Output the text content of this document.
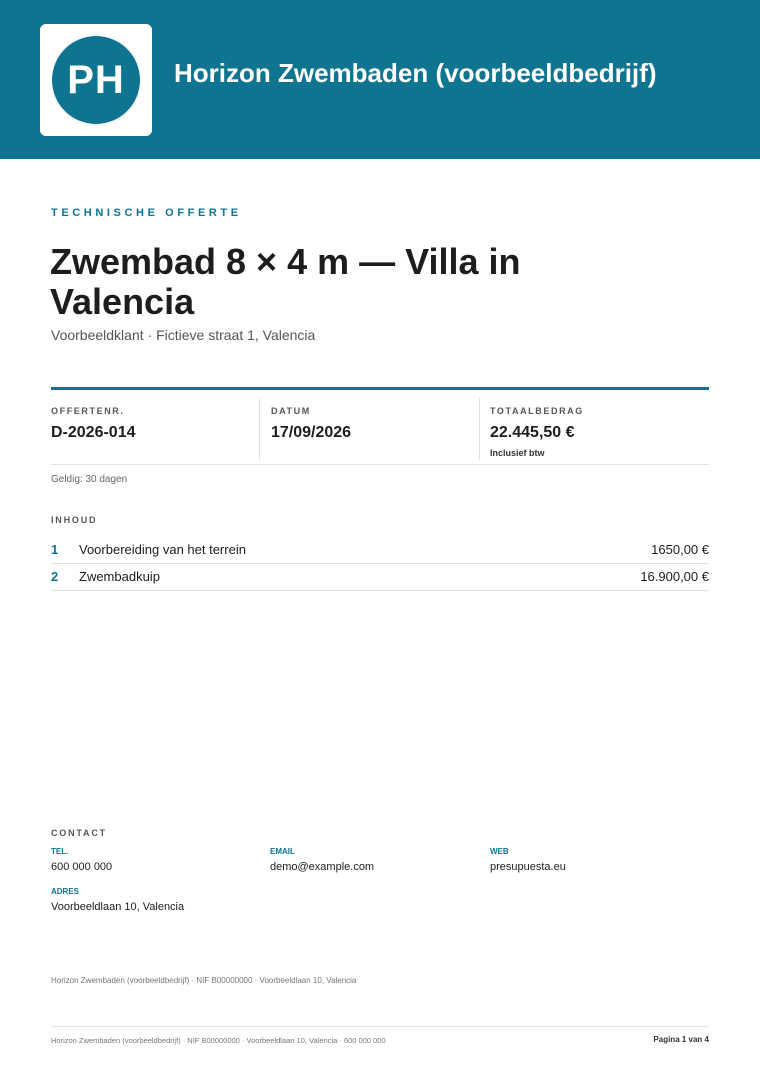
PH	Horizon Zwembaden (voorbeeldbedrijf)
TECHNISCHE OFFERTE
Zwembad 8 × 4 m — Villa in Valencia
Voorbeeldklant · Fictieve straat 1, Valencia
OFFERTENR.
D-2026-014
DATUM
17/09/2026
TOTAALBEDRAG
22.445,50 €
Inclusief btw
Geldig: 30 dagen
INHOUD
1 Voorbereiding van het terrein	1650,00 €
2 Zwembadkuip	16.900,00 €
CONTACT
TEL.
600 000 000
EMAIL
demo@example.com
WEB
presupuesta.eu
ADRES
Voorbeeldlaan 10, Valencia
Horizon Zwembaden (voorbeeldbedrijf) · NIF B00000000 · Voorbeeldlaan 10, Valencia
Horizon Zwembaden (voorbeeldbedrijf) · NIF B00000000 · Voorbeeldlaan 10, Valencia · 600 000 000	Pagina 1 van 4
